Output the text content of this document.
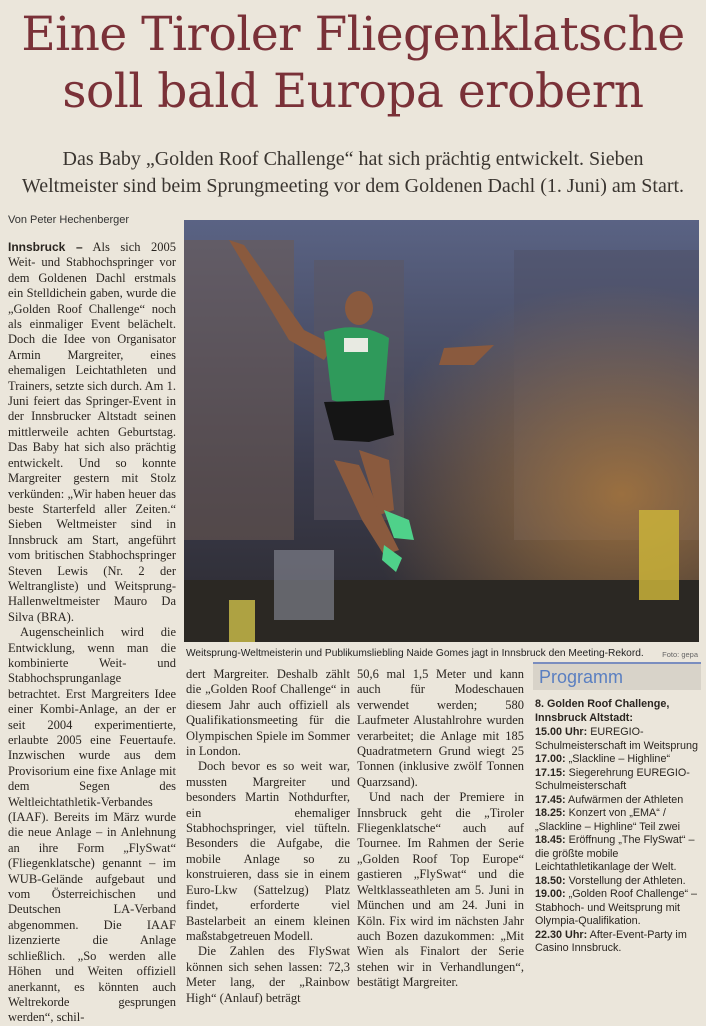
Eine Tiroler Fliegenklatsche
soll bald Europa erobern
Das Baby „Golden Roof Challenge“ hat sich prächtig entwickelt. Sieben
Weltmeister sind beim Sprungmeeting vor dem Goldenen Dachl (1. Juni) am Start.
Von Peter Hechenberger

Innsbruck – Als sich 2005 Weit- und Stabhochspringer vor dem Goldenen Dachl erstmals ein Stelldichein gaben, wurde die „Golden Roof Challenge“ noch als einmaliger Event belächelt. Doch die Idee von Organisator Armin Margreiter, eines ehemaligen Leichtathleten und Trainers, setzte sich durch. Am 1. Juni feiert das Springer-Event in der Innsbrucker Altstadt seinen mittlerweile achten Geburtstag. Das Baby hat sich also prächtig entwickelt. Und so konnte Margreiter gestern mit Stolz verkünden: „Wir haben heuer das beste Starterfeld aller Zeiten.“ Sieben Weltmeister sind in Innsbruck am Start, angeführt vom britischen Stabhochspringer Steven Lewis (Nr. 2 der Weltrangliste) und Weitsprung-Hallenweltmeister Mauro Da Silva (BRA).

Augenscheinlich wird die Entwicklung, wenn man die kombinierte Weit- und Stabhochsprunganlage betrachtet. Erst Margreiters Idee einer Kombi-Anlage, an der er seit 2004 experimentierte, erlaubte 2005 eine Feuertaufe. Inzwischen wurde aus dem Provisorium eine fixe Anlage mit dem Segen des Weltleichtathletik-Verbandes (IAAF). Bereits im März wurde die neue Anlage – in Anlehnung an ihre Form „FlySwat“ (Fliegenklatsche) genannt – im WUB-Gelände aufgebaut und vom Österreichischen und Deutschen LA-Verband abgenommen. Die IAAF lizenzierte die Anlage schließlich. „So werden alle Höhen und Weiten offiziell anerkannt, es könnten auch Weltrekorde gesprungen werden“, schil-

Weitsprung-Weltmeisterin und Publikumsliebling Naide Gomes jagt in Innsbruck den Meeting-Rekord.	Foto: gepa

dert Margreiter. Deshalb zählt die „Golden Roof Challenge“ in diesem Jahr auch offiziell als Qualifikationsmeeting für die Olympischen Spiele im Sommer in London.

Doch bevor es so weit war, mussten Margreiter und besonders Martin Nothdurfter, ein ehemaliger Stabhochspringer, viel tüfteln. Besonders die Aufgabe, die mobile Anlage so zu konstruieren, dass sie in einem Euro-Lkw (Sattelzug) Platz findet, erforderte viel Bastelarbeit an einem kleinen maßstabgetreuen Modell.

Die Zahlen des FlySwat können sich sehen lassen: 72,3 Meter lang, der „Rainbow High“ (Anlauf) beträgt

50,6 mal 1,5 Meter und kann auch für Modeschauen verwendet werden; 580 Laufmeter Alustahlrohre wurden verarbeitet; die Anlage mit 185 Quadratmetern Grund wiegt 25 Tonnen (inklusive zwölf Tonnen Quarzsand).

Und nach der Premiere in Innsbruck geht die „Tiroler Fliegenklatsche“ auch auf Tournee. Im Rahmen der Serie „Golden Roof Top Europe“ gastieren „FlySwat“ und die Weltklasseathleten am 5. Juni in München und am 24. Juni in Köln. Fix wird im nächsten Jahr auch Bozen dazukommen: „Mit Wien als Finalort der Serie stehen wir in Verhandlungen“, bestätigt Margreiter.

Programm
8. Golden Roof Challenge, Innsbruck Altstadt:
15.00 Uhr: EUREGIO-Schulmeisterschaft im Weitsprung
17.00: „Slackline – Highline“
17.15: Siegerehrung EUREGIO-Schulmeisterschaft
17.45: Aufwärmen der Athleten
18.25: Konzert von „EMA“ / „Slackline – Highline“ Teil zwei
18.45: Eröffnung „The FlySwat“ – die größte mobile Leichtathletikanlage der Welt.
18.50: Vorstellung der Athleten.
19.00: „Golden Roof Challenge“ – Stabhoch- und Weitsprung mit Olympia-Qualifikation.
22.30 Uhr: After-Event-Party im Casino Innsbruck.
